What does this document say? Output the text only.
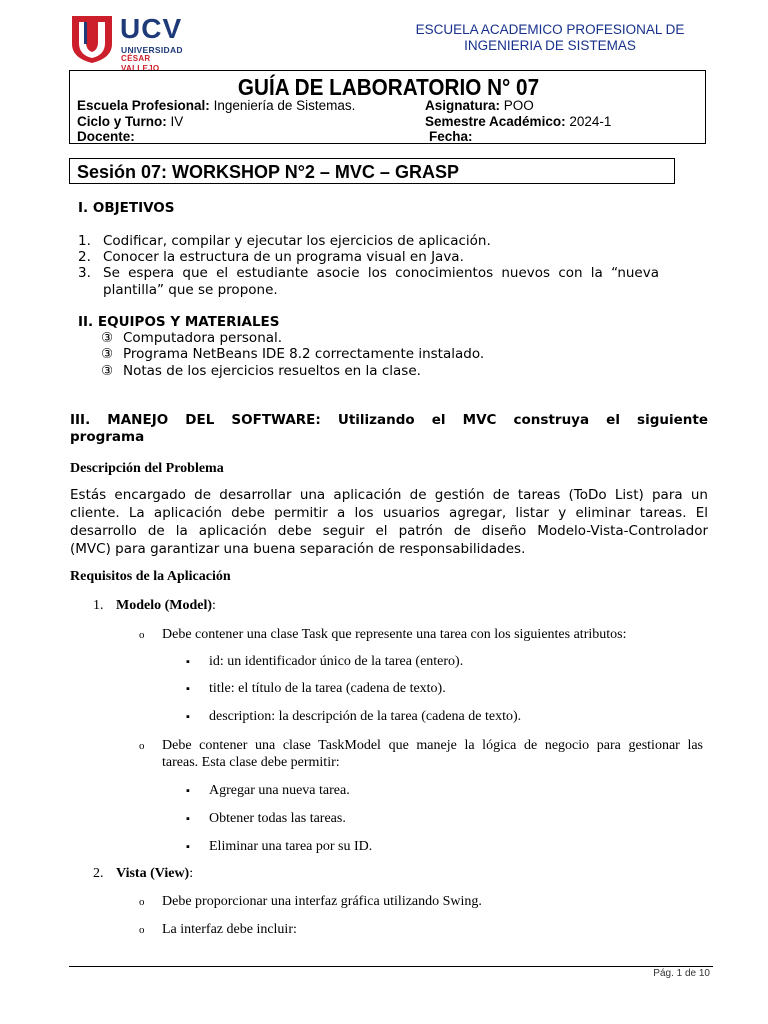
UCV
UNIVERSIDAD
CÉSAR VALLEJO
ESCUELA ACADEMICO PROFESIONAL DE
INGENIERIA DE SISTEMAS
GUÍA DE LABORATORIO N° 07
Escuela Profesional: Ingeniería de Sistemas.	Asignatura: POO
Ciclo y Turno: IV	Semestre Académico: 2024-1
Docente:	Fecha:
Sesión 07: WORKSHOP N°2 – MVC – GRASP
I. OBJETIVOS
1. Codificar, compilar y ejecutar los ejercicios de aplicación.
2. Conocer la estructura de un programa visual en Java.
3. Se espera que el estudiante asocie los conocimientos nuevos con la “nueva
plantilla” que se propone.
II. EQUIPOS Y MATERIALES
③ Computadora personal.
③ Programa NetBeans IDE 8.2 correctamente instalado.
③ Notas de los ejercicios resueltos en la clase.
III. MANEJO DEL SOFTWARE: Utilizando el MVC construya el siguiente
programa
Descripción del Problema
Estás encargado de desarrollar una aplicación de gestión de tareas (ToDo List) para un
cliente. La aplicación debe permitir a los usuarios agregar, listar y eliminar tareas. El
desarrollo de la aplicación debe seguir el patrón de diseño Modelo-Vista-Controlador
(MVC) para garantizar una buena separación de responsabilidades.
Requisitos de la Aplicación
1. Modelo (Model):
o Debe contener una clase Task que represente una tarea con los siguientes atributos:
▪ id: un identificador único de la tarea (entero).
▪ title: el título de la tarea (cadena de texto).
▪ description: la descripción de la tarea (cadena de texto).
o Debe contener una clase TaskModel que maneje la lógica de negocio para gestionar las
tareas. Esta clase debe permitir:
▪ Agregar una nueva tarea.
▪ Obtener todas las tareas.
▪ Eliminar una tarea por su ID.
2. Vista (View):
o Debe proporcionar una interfaz gráfica utilizando Swing.
o La interfaz debe incluir:
Pág. 1 de 10
